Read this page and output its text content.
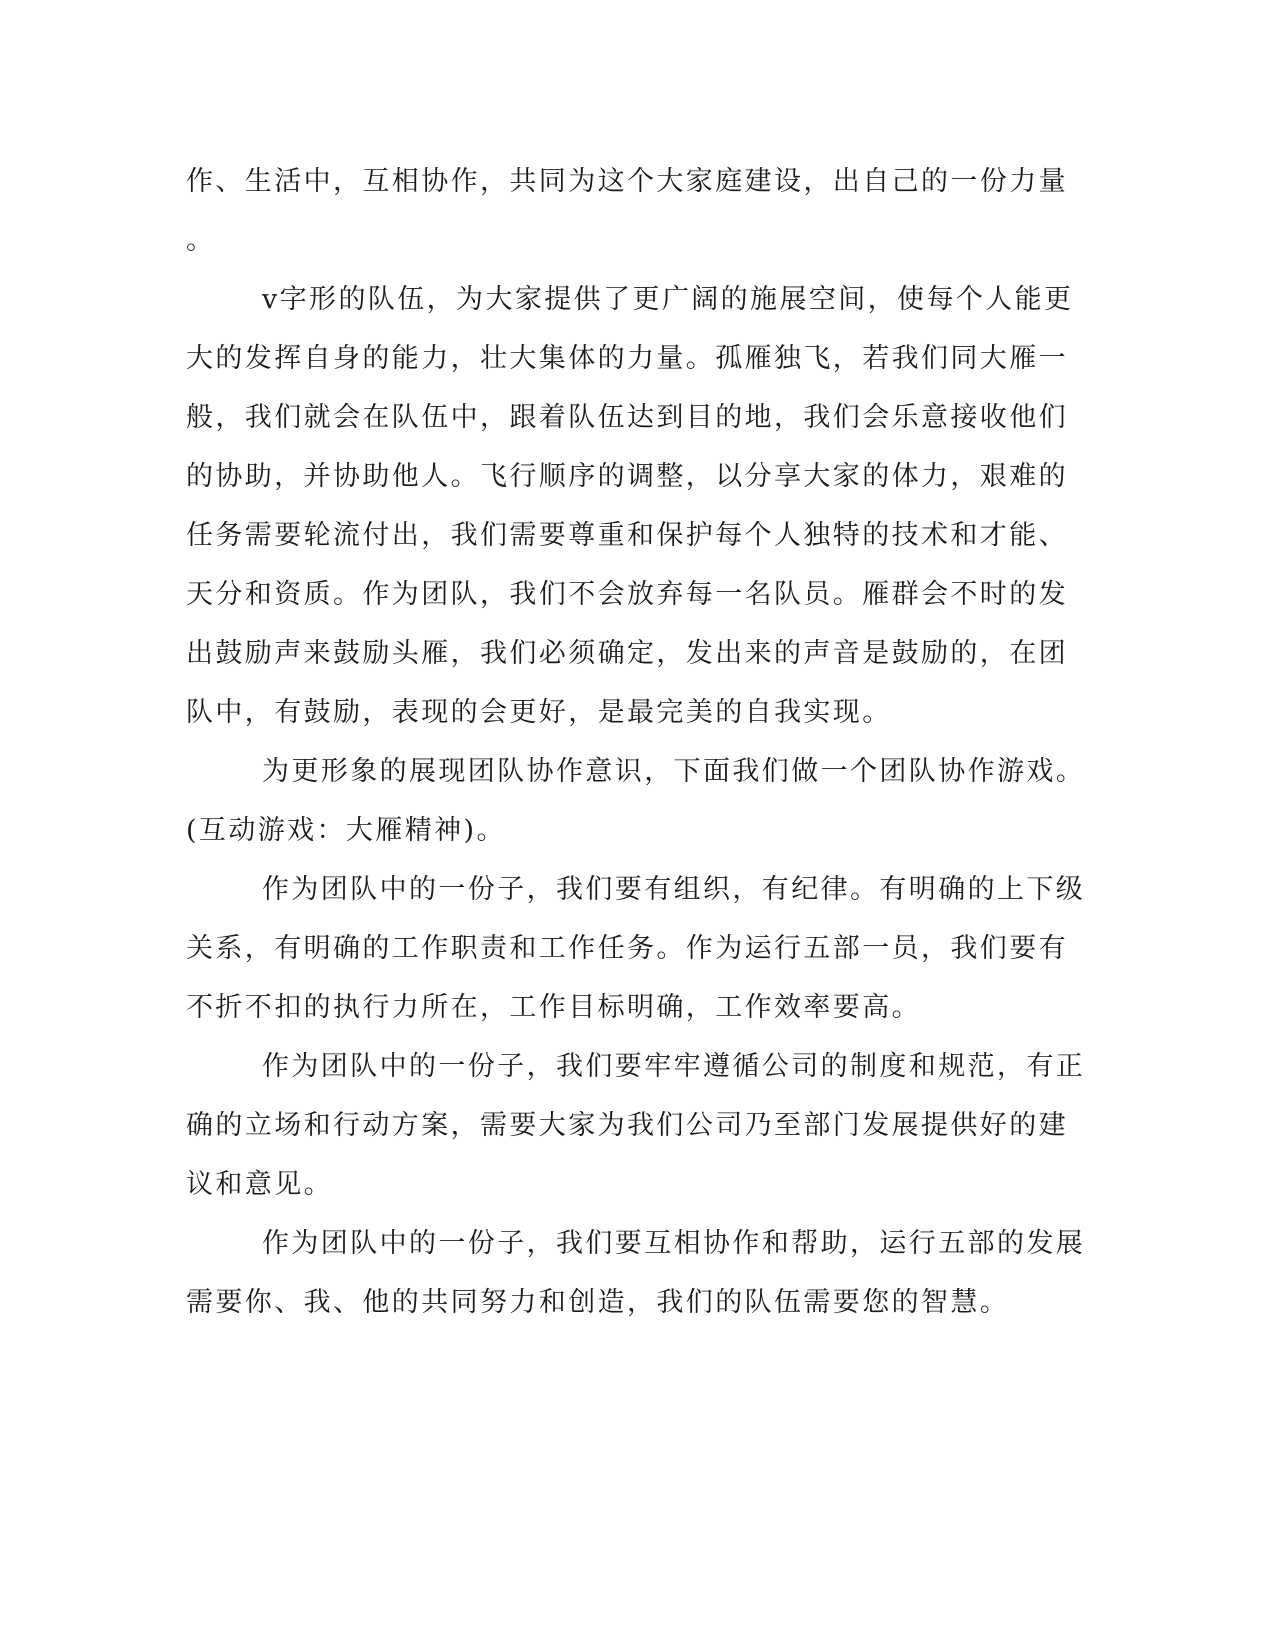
作、生活中，互相协作，共同为这个大家庭建设，出自己的一份力量
。
v字形的队伍，为大家提供了更广阔的施展空间，使每个人能更
大的发挥自身的能力，壮大集体的力量。孤雁独飞，若我们同大雁一
般，我们就会在队伍中，跟着队伍达到目的地，我们会乐意接收他们
的协助，并协助他人。飞行顺序的调整，以分享大家的体力，艰难的
任务需要轮流付出，我们需要尊重和保护每个人独特的技术和才能、
天分和资质。作为团队，我们不会放弃每一名队员。雁群会不时的发
出鼓励声来鼓励头雁，我们必须确定，发出来的声音是鼓励的，在团
队中，有鼓励，表现的会更好，是最完美的自我实现。
为更形象的展现团队协作意识，下面我们做一个团队协作游戏。
(互动游戏：大雁精神)。
作为团队中的一份子，我们要有组织，有纪律。有明确的上下级
关系，有明确的工作职责和工作任务。作为运行五部一员，我们要有
不折不扣的执行力所在，工作目标明确，工作效率要高。
作为团队中的一份子，我们要牢牢遵循公司的制度和规范，有正
确的立场和行动方案，需要大家为我们公司乃至部门发展提供好的建
议和意见。
作为团队中的一份子，我们要互相协作和帮助，运行五部的发展
需要你、我、他的共同努力和创造，我们的队伍需要您的智慧。
